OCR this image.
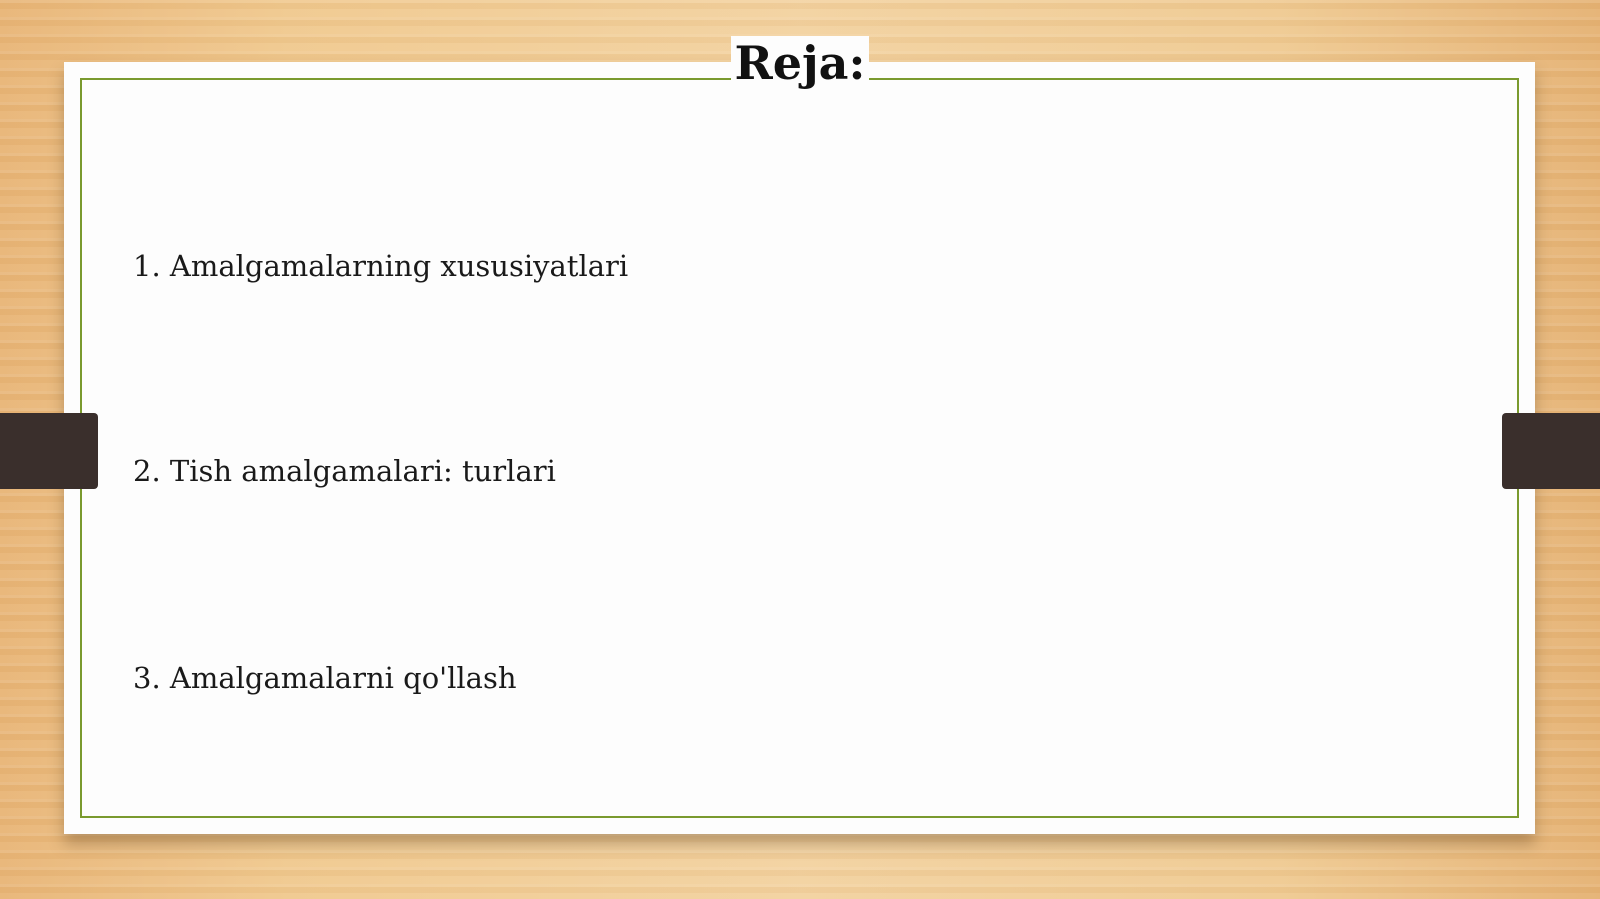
Reja:
1. Amalgamalarning xususiyatlari
2. Tish amalgamalari: turlari
3. Amalgamalarni qo'llash
